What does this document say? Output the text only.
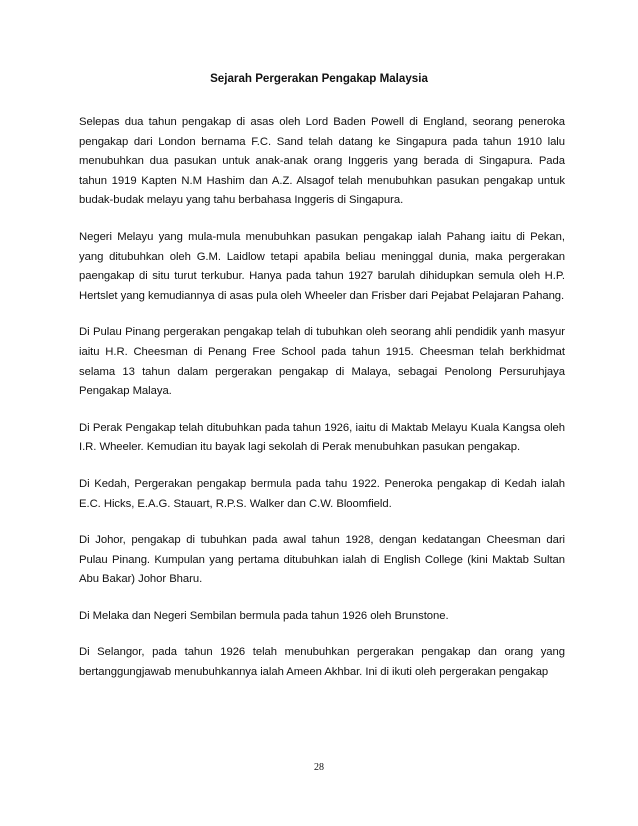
Sejarah Pergerakan Pengakap Malaysia

Selepas dua tahun pengakap di asas oleh Lord Baden Powell di England, seorang peneroka pengakap dari London bernama F.C. Sand telah datang ke Singapura pada tahun 1910 lalu menubuhkan dua pasukan untuk anak-anak orang Inggeris yang berada di Singapura. Pada tahun 1919 Kapten N.M Hashim dan A.Z. Alsagof telah menubuhkan pasukan pengakap untuk budak-budak melayu yang tahu berbahasa Inggeris di Singapura.

Negeri Melayu yang mula-mula menubuhkan pasukan pengakap ialah Pahang iaitu di Pekan, yang ditubuhkan oleh G.M. Laidlow tetapi apabila beliau meninggal dunia, maka pergerakan paengakap di situ turut terkubur. Hanya pada tahun 1927 barulah dihidupkan semula oleh H.P. Hertslet yang kemudiannya di asas pula oleh Wheeler dan Frisber dari Pejabat Pelajaran Pahang.

Di Pulau Pinang pergerakan pengakap telah di tubuhkan oleh seorang ahli pendidik yanh masyur iaitu H.R. Cheesman di Penang Free School pada tahun 1915. Cheesman telah berkhidmat selama 13 tahun dalam pergerakan pengakap di Malaya, sebagai Penolong Persuruhjaya Pengakap Malaya.

Di Perak Pengakap telah ditubuhkan pada tahun 1926, iaitu di Maktab Melayu Kuala Kangsa oleh I.R. Wheeler. Kemudian itu bayak lagi sekolah di Perak menubuhkan pasukan pengakap.

Di Kedah, Pergerakan pengakap bermula pada tahu 1922. Peneroka pengakap di Kedah ialah E.C. Hicks, E.A.G. Stauart, R.P.S. Walker dan C.W. Bloomfield.

Di Johor, pengakap di tubuhkan pada awal tahun 1928, dengan kedatangan Cheesman dari Pulau Pinang. Kumpulan yang pertama ditubuhkan ialah di English College (kini Maktab Sultan Abu Bakar) Johor Bharu.

Di Melaka dan Negeri Sembilan bermula pada tahun 1926 oleh Brunstone.

Di Selangor, pada tahun 1926 telah menubuhkan pergerakan pengakap dan orang yang bertanggungjawab menubuhkannya ialah Ameen Akhbar. Ini di ikuti oleh pergerakan pengakap

28
